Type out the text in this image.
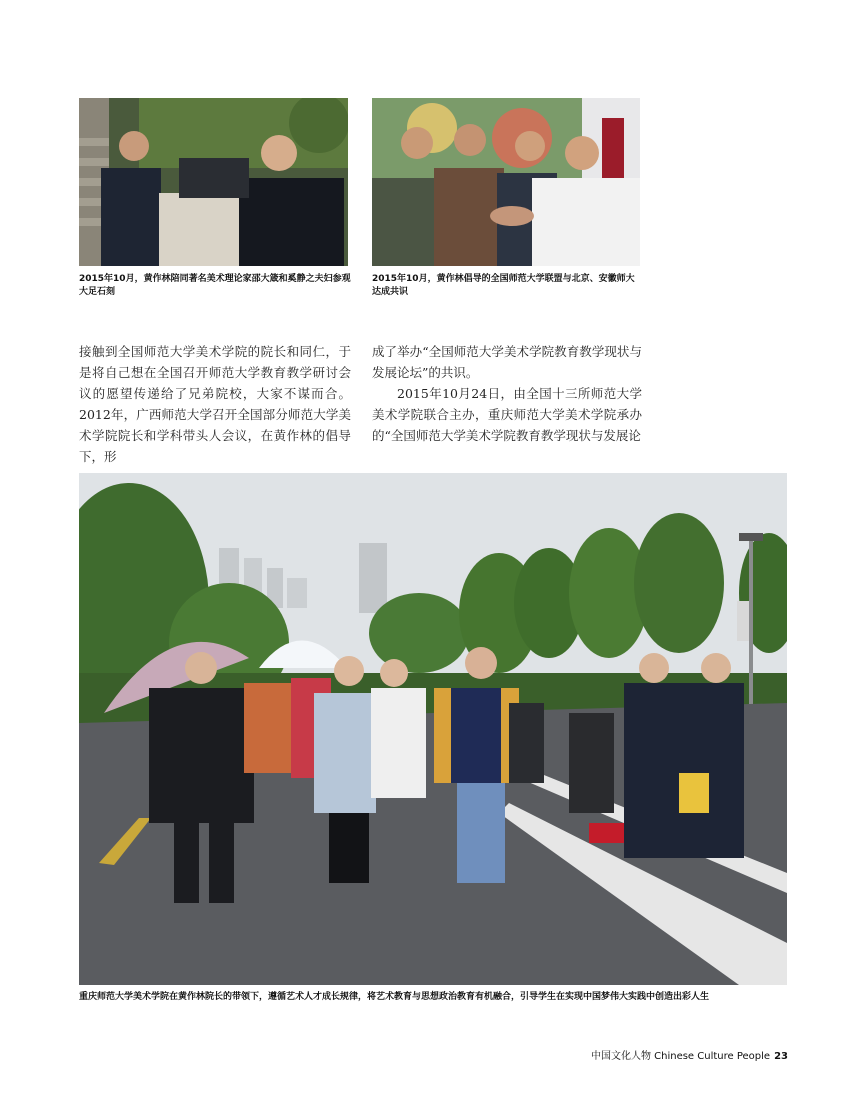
2015年10月，黄作林陪同著名美术理论家邵大箴和奚静之夫妇参观大足石刻
2015年10月，黄作林倡导的全国师范大学联盟与北京、安徽师大达成共识

接触到全国师范大学美术学院的院长和同仁，于是将自己想在全国召开师范大学教育教学研讨会议的愿望传递给了兄弟院校，大家不谋而合。2012年，广西师范大学召开全国部分师范大学美术学院院长和学科带头人会议，在黄作林的倡导下，形

成了举办“全国师范大学美术学院教育教学现状与发展论坛”的共识。

2015年10月24日，由全国十三所师范大学美术学院联合主办，重庆师范大学美术学院承办的“全国师范大学美术学院教育教学现状与发展论

重庆师范大学美术学院在黄作林院长的带领下，遵循艺术人才成长规律，将艺术教育与思想政治教育有机融合，引导学生在实现中国梦伟大实践中创造出彩人生
中国文化人物 Chinese Culture People 23
